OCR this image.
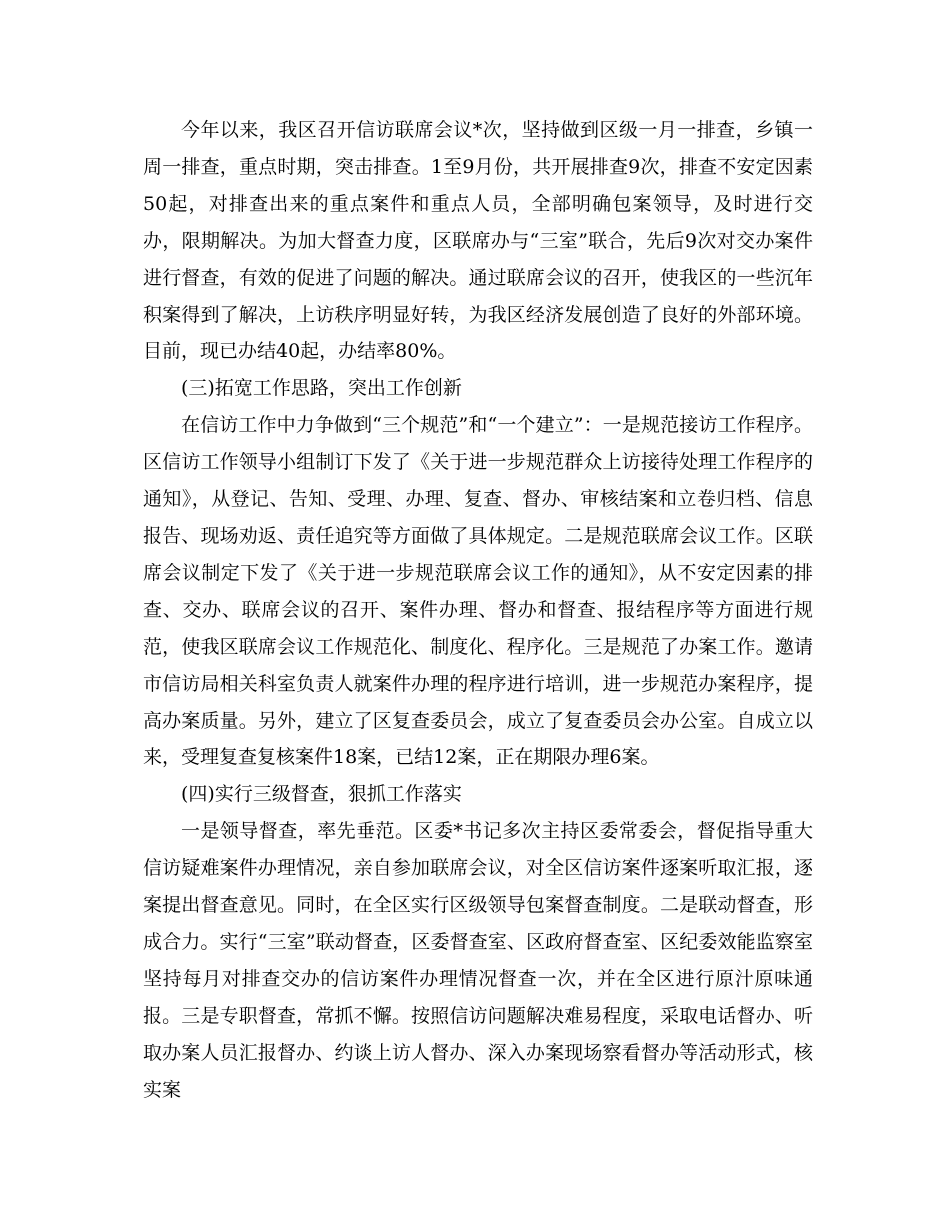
今年以来，我区召开信访联席会议*次，坚持做到区级一月一排查，乡镇一周一排查，重点时期，突击排查。1至9月份，共开展排查9次，排查不安定因素50起，对排查出来的重点案件和重点人员，全部明确包案领导，及时进行交办，限期解决。为加大督查力度，区联席办与“三室”联合，先后9次对交办案件进行督查，有效的促进了问题的解决。通过联席会议的召开，使我区的一些沉年积案得到了解决，上访秩序明显好转，为我区经济发展创造了良好的外部环境。目前，现已办结40起，办结率80%。

(三)拓宽工作思路，突出工作创新

在信访工作中力争做到“三个规范”和“一个建立”：一是规范接访工作程序。区信访工作领导小组制订下发了《关于进一步规范群众上访接待处理工作程序的通知》，从登记、告知、受理、办理、复查、督办、审核结案和立卷归档、信息报告、现场劝返、责任追究等方面做了具体规定。二是规范联席会议工作。区联席会议制定下发了《关于进一步规范联席会议工作的通知》，从不安定因素的排查、交办、联席会议的召开、案件办理、督办和督查、报结程序等方面进行规范，使我区联席会议工作规范化、制度化、程序化。三是规范了办案工作。邀请市信访局相关科室负责人就案件办理的程序进行培训，进一步规范办案程序，提高办案质量。另外，建立了区复查委员会，成立了复查委员会办公室。自成立以来，受理复查复核案件18案，已结12案，正在期限办理6案。

(四)实行三级督查，狠抓工作落实

一是领导督查，率先垂范。区委*书记多次主持区委常委会，督促指导重大信访疑难案件办理情况，亲自参加联席会议，对全区信访案件逐案听取汇报，逐案提出督查意见。同时，在全区实行区级领导包案督查制度。二是联动督查，形成合力。实行“三室”联动督查，区委督查室、区政府督查室、区纪委效能监察室坚持每月对排查交办的信访案件办理情况督查一次，并在全区进行原汁原味通报。三是专职督查，常抓不懈。按照信访问题解决难易程度，采取电话督办、听取办案人员汇报督办、约谈上访人督办、深入办案现场察看督办等活动形式，核实案
